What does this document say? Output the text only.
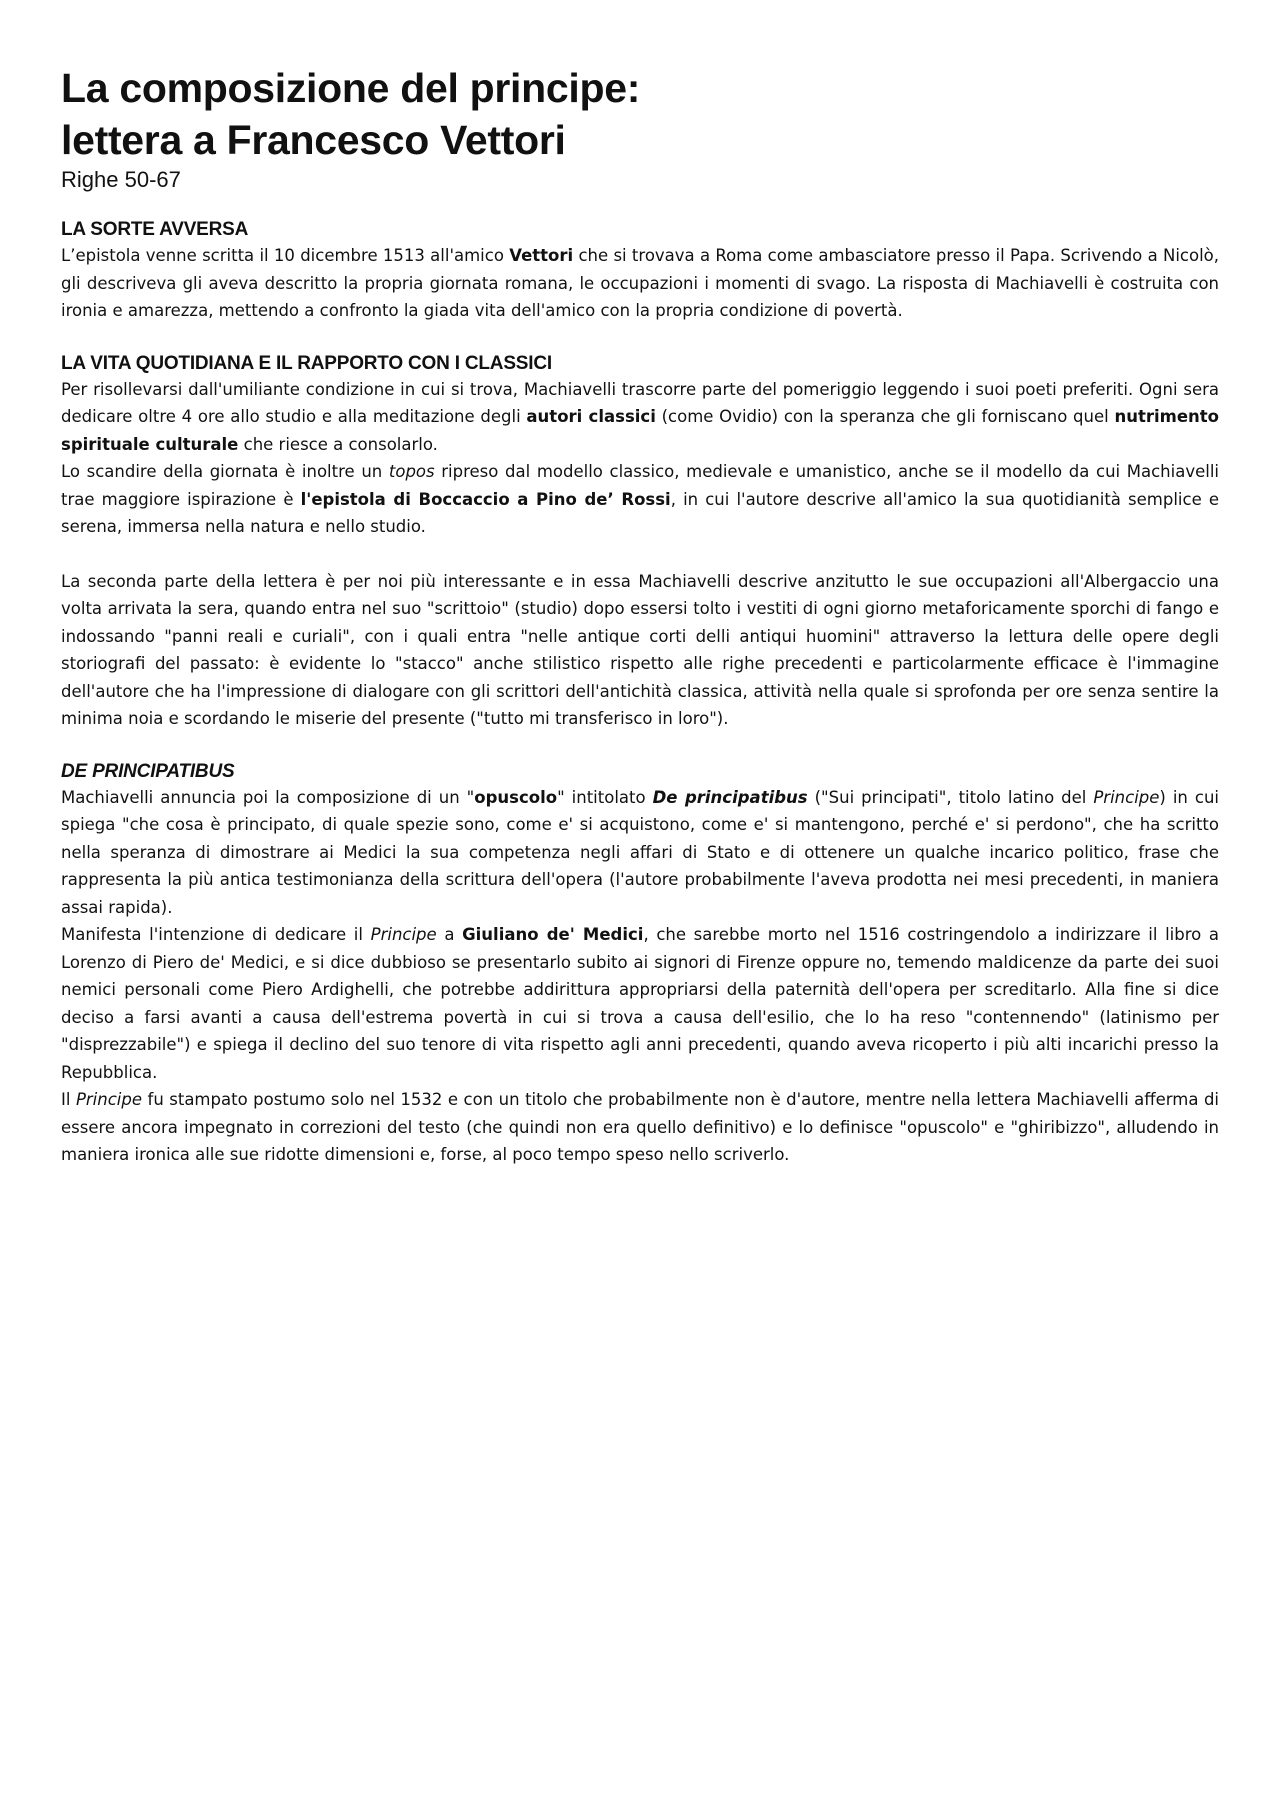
La composizione del principe:
lettera a Francesco Vettori

Righe 50-67

LA SORTE AVVERSA

L’epistola venne scritta il 10 dicembre 1513 all'amico Vettori che si trovava a Roma come ambasciatore presso il Papa. Scrivendo a Nicolò, gli descriveva gli aveva descritto la propria giornata romana, le occupazioni i momenti di svago. La risposta di Machiavelli è costruita con ironia e amarezza, mettendo a confronto la giada vita dell'amico con la propria condizione di povertà.

LA VITA QUOTIDIANA E IL RAPPORTO CON I CLASSICI

Per risollevarsi dall'umiliante condizione in cui si trova, Machiavelli trascorre parte del pomeriggio leggendo i suoi poeti preferiti. Ogni sera dedicare oltre 4 ore allo studio e alla meditazione degli autori classici (come Ovidio) con la speranza che gli forniscano quel nutrimento spirituale culturale che riesce a consolarlo.

Lo scandire della giornata è inoltre un topos ripreso dal modello classico, medievale e umanistico, anche se il modello da cui Machiavelli trae maggiore ispirazione è l'epistola di Boccaccio a Pino de’ Rossi, in cui l'autore descrive all'amico la sua quotidianità semplice e serena, immersa nella natura e nello studio.

La seconda parte della lettera è per noi più interessante e in essa Machiavelli descrive anzitutto le sue occupazioni all'Albergaccio una volta arrivata la sera, quando entra nel suo "scrittoio" (studio) dopo essersi tolto i vestiti di ogni giorno metaforicamente sporchi di fango e indossando "panni reali e curiali", con i quali entra "nelle antique corti delli antiqui huomini" attraverso la lettura delle opere degli storiografi del passato: è evidente lo "stacco" anche stilistico rispetto alle righe precedenti e particolarmente efficace è l'immagine dell'autore che ha l'impressione di dialogare con gli scrittori dell'antichità classica, attività nella quale si sprofonda per ore senza sentire la minima noia e scordando le miserie del presente ("tutto mi transferisco in loro").

DE PRINCIPATIBUS

Machiavelli annuncia poi la composizione di un "opuscolo" intitolato De principatibus ("Sui principati", titolo latino del Principe) in cui spiega "che cosa è principato, di quale spezie sono, come e' si acquistono, come e' si mantengono, perché e' si perdono", che ha scritto nella speranza di dimostrare ai Medici la sua competenza negli affari di Stato e di ottenere un qualche incarico politico, frase che rappresenta la più antica testimonianza della scrittura dell'opera (l'autore probabilmente l'aveva prodotta nei mesi precedenti, in maniera assai rapida).

Manifesta l'intenzione di dedicare il Principe a Giuliano de' Medici, che sarebbe morto nel 1516 costringendolo a indirizzare il libro a Lorenzo di Piero de' Medici, e si dice dubbioso se presentarlo subito ai signori di Firenze oppure no, temendo maldicenze da parte dei suoi nemici personali come Piero Ardighelli, che potrebbe addirittura appropriarsi della paternità dell'opera per screditarlo. Alla fine si dice deciso a farsi avanti a causa dell'estrema povertà in cui si trova a causa dell'esilio, che lo ha reso "contennendo" (latinismo per "disprezzabile") e spiega il declino del suo tenore di vita rispetto agli anni precedenti, quando aveva ricoperto i più alti incarichi presso la Repubblica.

Il Principe fu stampato postumo solo nel 1532 e con un titolo che probabilmente non è d'autore, mentre nella lettera Machiavelli afferma di essere ancora impegnato in correzioni del testo (che quindi non era quello definitivo) e lo definisce "opuscolo" e "ghiribizzo", alludendo in maniera ironica alle sue ridotte dimensioni e, forse, al poco tempo speso nello scriverlo.
